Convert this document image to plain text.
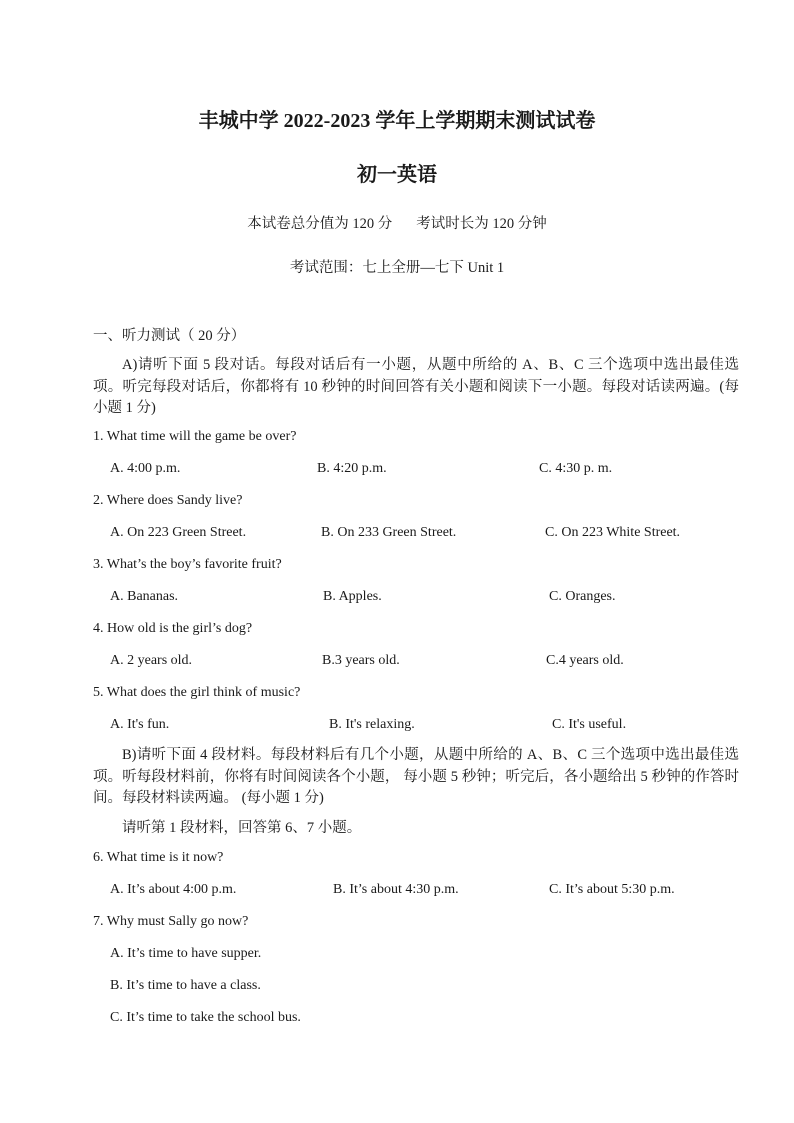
丰城中学 2022-2023 学年上学期期末测试试卷
初一英语
本试卷总分值为 120 分 考试时长为 120 分钟
考试范围：七上全册—七下 Unit 1
一、听力测试（ 20 分）

A)请听下面 5 段对话。每段对话后有一小题，从题中所给的 A、B、C 三个选项中选出最佳选项。听完每段对话后，你都将有 10 秒钟的时间回答有关小题和阅读下一小题。每段对话读两遍。(每小题 1 分)

1. What time will the game be over?
A. 4:00 p.m.	B. 4:20 p.m.	C. 4:30 p. m.
2. Where does Sandy live?
A. On 223 Green Street.	B. On 233 Green Street.	C. On 223 White Street.
3. What’s the boy’s favorite fruit?
A. Bananas.	B. Apples.	C. Oranges.
4. How old is the girl’s dog?
A. 2 years old.	B.3 years old.	C.4 years old.
5. What does the girl think of music?
A. It's fun.	B. It's relaxing.	C. It's useful.

B)请听下面 4 段材料。每段材料后有几个小题，从题中所给的 A、B、C 三个选项中选出最佳选项。听每段材料前，你将有时间阅读各个小题， 每小题 5 秒钟；听完后，各小题给出 5 秒钟的作答时间。每段材料读两遍。 (每小题 1 分)

请听第 1 段材料，回答第 6、7 小题。
6. What time is it now?
A. It’s about 4:00 p.m.	B. It’s about 4:30 p.m.	C. It’s about 5:30 p.m.
7. Why must Sally go now?
A. It’s time to have supper.
B. It’s time to have a class.
C. It’s time to take the school bus.
